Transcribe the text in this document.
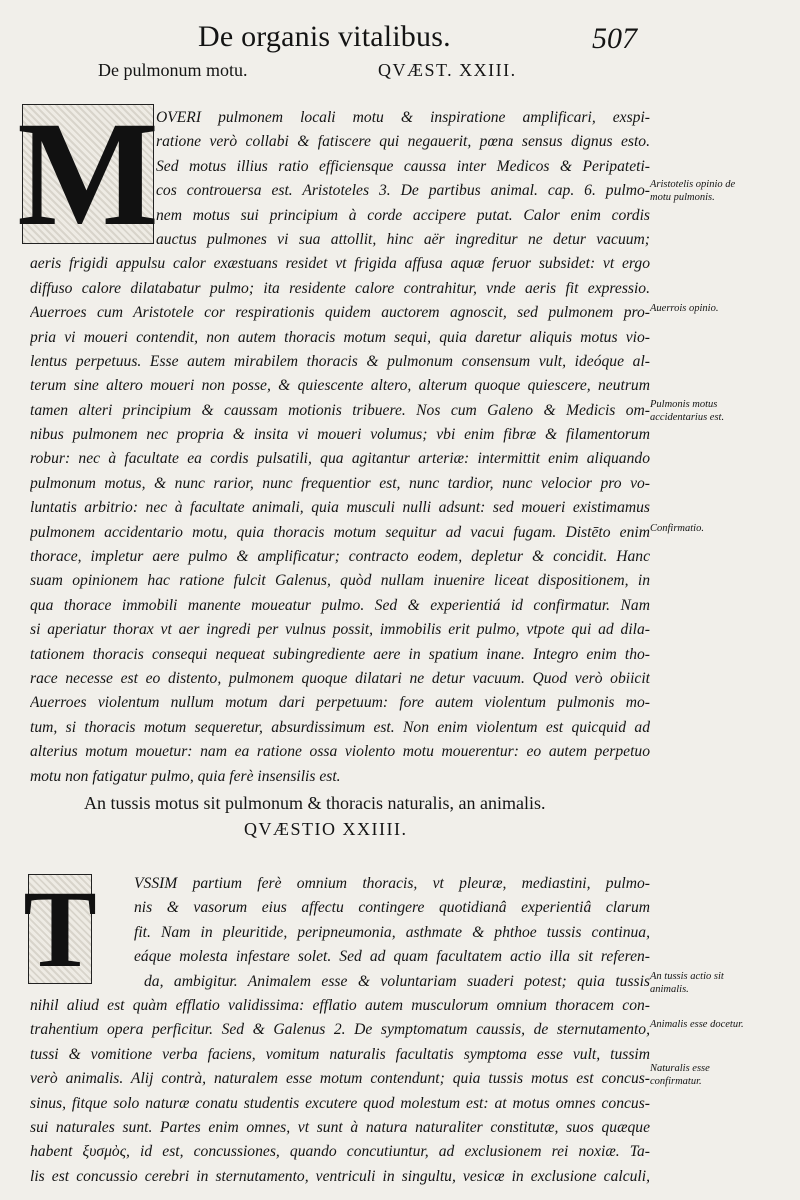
De organis vitalibus.	507
De pulmonum motu.	QVÆST. XXIII.
M
OVERI pulmonem locali motu & inspiratione amplificari, exspi-
ratione verò collabi & fatiscere qui negauerit, pœna sensus dignus esto.
Sed motus illius ratio efficiensque caussa inter Medicos & Peripateti-
cos controuersa est. Aristoteles 3. De partibus animal. cap. 6. pulmo-
nem motus sui principium à corde accipere putat. Calor enim cordis
auctus pulmones vi sua attollit, hinc aër ingreditur ne detur vacuum;
aeris frigidi appulsu calor exæstuans residet vt frigida affusa aquæ feruor subsidet: vt ergo
diffuso calore dilatabatur pulmo; ita residente calore contrahitur, vnde aeris fit expressio.
Auerroes cum Aristotele cor respirationis quidem auctorem agnoscit, sed pulmonem pro-
pria vi moueri contendit, non autem thoracis motum sequi, quia daretur aliquis motus vio-
lentus perpetuus. Esse autem mirabilem thoracis & pulmonum consensum vult, ideóque al-
terum sine altero moueri non posse, & quiescente altero, alterum quoque quiescere, neutrum
tamen alteri principium & caussam motionis tribuere. Nos cum Galeno & Medicis om-
nibus pulmonem nec propria & insita vi moueri volumus; vbi enim fibræ & filamentorum
robur: nec à facultate ea cordis pulsatili, qua agitantur arteriæ: intermittit enim aliquando
pulmonum motus, & nunc rarior, nunc frequentior est, nunc tardior, nunc velocior pro vo-
luntatis arbitrio: nec à facultate animali, quia musculi nulli adsunt: sed moueri existimamus
pulmonem accidentario motu, quia thoracis motum sequitur ad vacui fugam. Distēto enim
thorace, impletur aere pulmo & amplificatur; contracto eodem, depletur & concidit. Hanc
suam opinionem hac ratione fulcit Galenus, quòd nullam inuenire liceat dispositionem, in
qua thorace immobili manente moueatur pulmo. Sed & experientiá id confirmatur. Nam
si aperiatur thorax vt aer ingredi per vulnus possit, immobilis erit pulmo, vtpote qui ad dila-
tationem thoracis consequi nequeat subingrediente aere in spatium inane. Integro enim tho-
race necesse est eo distento, pulmonem quoque dilatari ne detur vacuum. Quod verò obiicit
Auerroes violentum nullum motum dari perpetuum: fore autem violentum pulmonis mo-
tum, si thoracis motum sequeretur, absurdissimum est. Non enim violentum est quicquid ad
alterius motum mouetur: nam ea ratione ossa violento motu mouerentur: eo autem perpetuo
motu non fatigatur pulmo, quia ferè insensilis est.
Aristotelis opinio de motu pulmonis.
Auerrois opinio.
Pulmonis motus accidentarius est.
Confirmatio.
An tussis motus sit pulmonum & thoracis naturalis, an animalis.
QVÆSTIO XXIIII.
T	VSSIM partium ferè omnium thoracis, vt pleuræ, mediastini, pulmo-
nis & vasorum eius affectu contingere quotidianâ experientiâ clarum
fit. Nam in pleuritide, peripneumonia, asthmate & phthoe tussis continua,
eáque molesta infestare solet. Sed ad quam facultatem actio illa sit referen-
da, ambigitur. Animalem esse & voluntariam suaderi potest; quia tussis
nihil aliud est quàm efflatio validissima: efflatio autem musculorum omnium thoracem con-
trahentium opera perficitur. Sed & Galenus 2. De symptomatum caussis, de sternutamento,
tussi & vomitione verba faciens, vomitum naturalis facultatis symptoma esse vult, tussim
verò animalis. Alij contrà, naturalem esse motum contendunt; quia tussis motus est concus-
sinus, fitque solo naturæ conatu studentis excutere quod molestum est: at motus omnes concus-
sui naturales sunt. Partes enim omnes, vt sunt à natura naturaliter constitutæ, suos quæque
habent ξυσμὸς, id est, concussiones, quando concutiuntur, ad exclusionem rei noxiæ. Ta-
lis est concussio cerebri in sternutamento, ventriculi in singultu, vesicæ in exclusione calculi,
An tussis actio sit animalis.
Animalis esse docetur.
Naturalis esse confirmatur.
